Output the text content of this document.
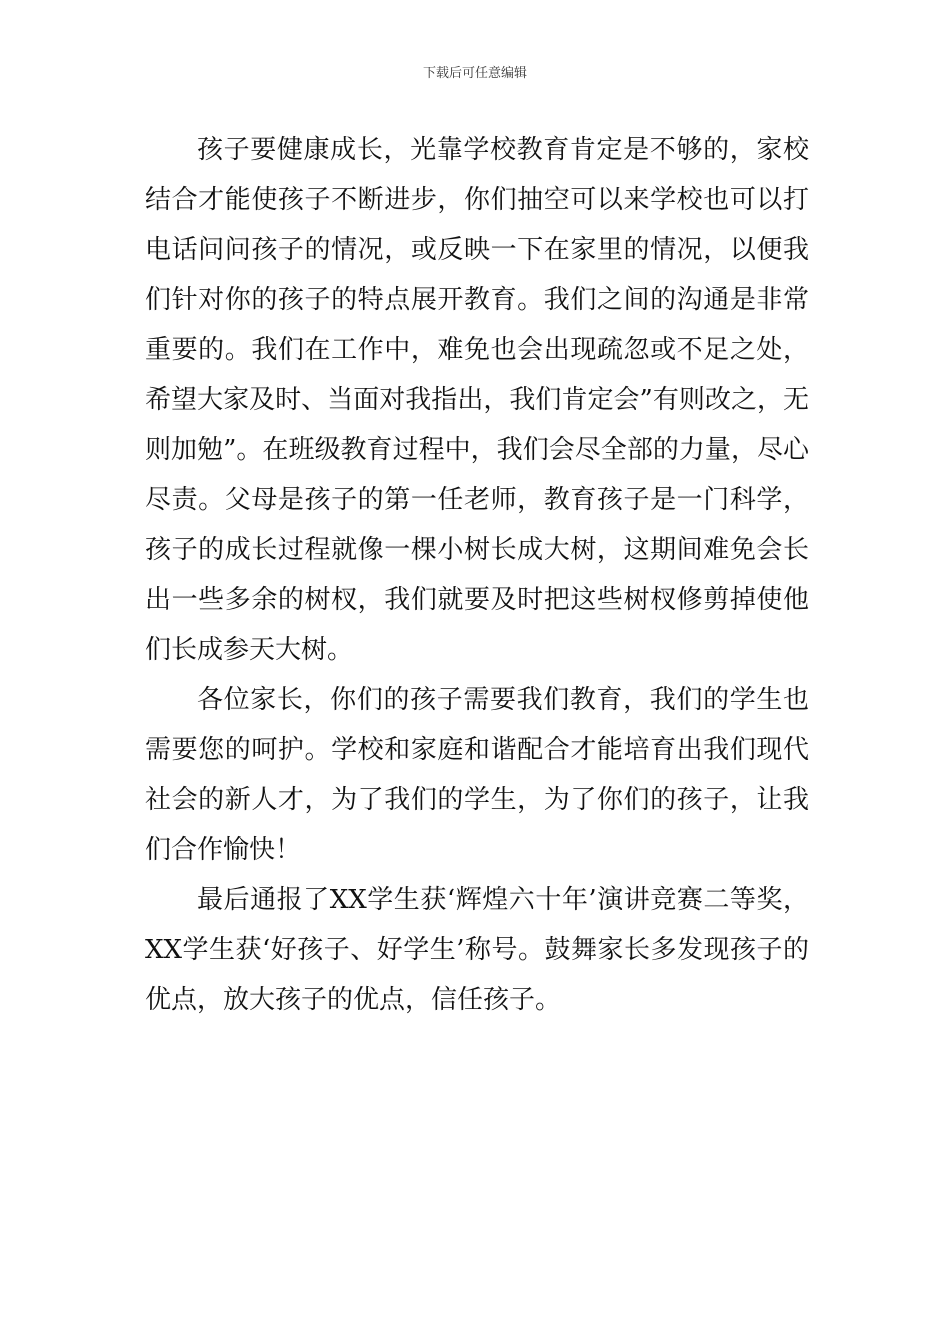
下载后可任意编辑

孩子要健康成长，光靠学校教育肯定是不够的，家校结合才能使孩子不断进步，你们抽空可以来学校也可以打电话问问孩子的情况，或反映一下在家里的情况，以便我们针对你的孩子的特点展开教育。我们之间的沟通是非常重要的。我们在工作中，难免也会出现疏忽或不足之处，希望大家及时、当面对我指出，我们肯定会”有则改之，无则加勉”。在班级教育过程中，我们会尽全部的力量，尽心尽责。父母是孩子的第一任老师，教育孩子是一门科学，孩子的成长过程就像一棵小树长成大树，这期间难免会长出一些多余的树杈，我们就要及时把这些树杈修剪掉使他们长成参天大树。

各位家长，你们的孩子需要我们教育，我们的学生也需要您的呵护。学校和家庭和谐配合才能培育出我们现代社会的新人才，为了我们的学生，为了你们的孩子，让我们合作愉快！

最后通报了XX学生获‘辉煌六十年’演讲竞赛二等奖，XX学生获‘好孩子、好学生’称号。鼓舞家长多发现孩子的优点，放大孩子的优点，信任孩子。
